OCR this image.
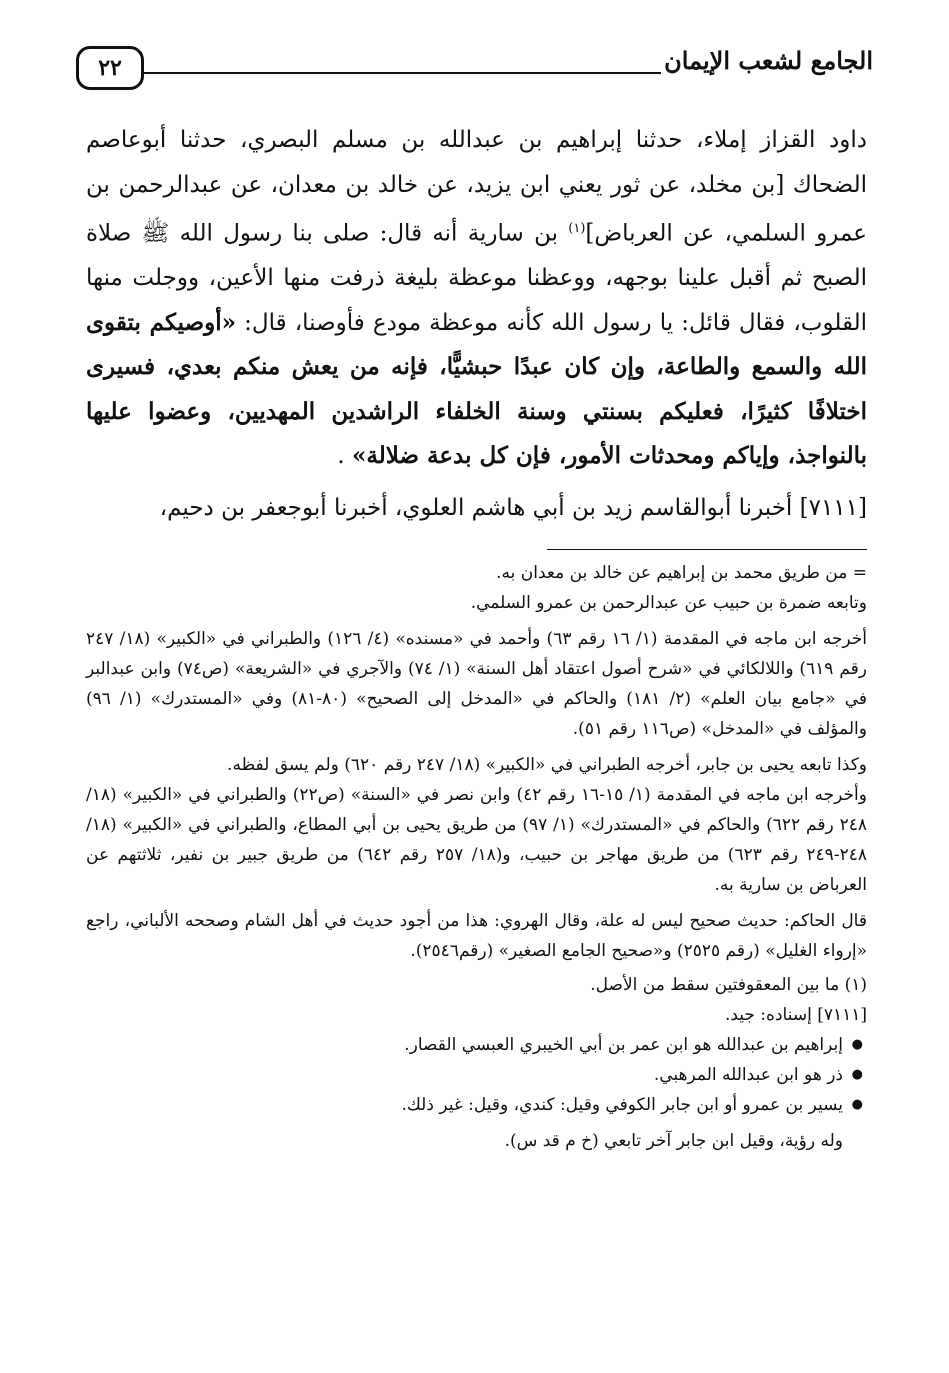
٢٢	الجامع لشعب الإيمان

داود القزاز إملاء، حدثنا إبراهيم بن عبدالله بن مسلم البصري، حدثنا أبوعاصم الضحاك [بن مخلد، عن ثور يعني ابن يزيد، عن خالد بن معدان، عن عبدالرحمن بن عمرو السلمي، عن العرباض]$^{(١)}$ بن سارية أنه قال: صلى بنا رسول الله ﷺ صلاة الصبح ثم أقبل علينا بوجهه، ووعظنا موعظة بليغة ذرفت منها الأعين، ووجلت منها القلوب، فقال قائل: يا رسول الله كأنه موعظة مودع فأوصنا، قال: «أوصيكم بتقوى الله والسمع والطاعة، وإن كان عبدًا حبشيًّا، فإنه من يعش منكم بعدي، فسيرى اختلافًا كثيرًا، فعليكم بسنتي وسنة الخلفاء الراشدين المهديين، وعضوا عليها بالنواجذ، وإياكم ومحدثات الأمور، فإن كل بدعة ضلالة» .

[٧١١١] أخبرنا أبوالقاسم زيد بن أبي هاشم العلوي، أخبرنا أبوجعفر بن دحيم،

= من طريق محمد بن إبراهيم عن خالد بن معدان به.

وتابعه ضمرة بن حبيب عن عبدالرحمن بن عمرو السلمي.

أخرجه ابن ماجه في المقدمة (١/ ١٦ رقم ٦٣) وأحمد في «مسنده» (٤/ ١٢٦) والطبراني في «الكبير» (١٨/ ٢٤٧ رقم ٦١٩) واللالكائي في «شرح أصول اعتقاد أهل السنة» (١/ ٧٤) والآجري في «الشريعة» (ص٧٤) وابن عبدالبر في «جامع بيان العلم» (٢/ ١٨١) والحاكم في «المدخل إلى الصحيح» (٨٠-٨١) وفي «المستدرك» (١/ ٩٦) والمؤلف في «المدخل» (ص١١٦ رقم ٥١).

وكذا تابعه يحيى بن جابر، أخرجه الطبراني في «الكبير» (١٨/ ٢٤٧ رقم ٦٢٠) ولم يسق لفظه.

وأخرجه ابن ماجه في المقدمة (١/ ١٥-١٦ رقم ٤٢) وابن نصر في «السنة» (ص٢٢) والطبراني في «الكبير» (١٨/ ٢٤٨ رقم ٦٢٢) والحاكم في «المستدرك» (١/ ٩٧) من طريق يحيى بن أبي المطاع، والطبراني في «الكبير» (١٨/ ٢٤٨-٢٤٩ رقم ٦٢٣) من طريق مهاجر بن حبيب، و(١٨/ ٢٥٧ رقم ٦٤٢) من طريق جبير بن نفير، ثلاثتهم عن العرباض بن سارية به.

قال الحاكم: حديث صحيح ليس له علة، وقال الهروي: هذا من أجود حديث في أهل الشام وصححه الألباني، راجع «إرواء الغليل» (رقم ٢٥٢٥) و«صحيح الجامع الصغير» (رقم٢٥٤٦).

(١) ما بين المعقوفتين سقط من الأصل.

[٧١١١] إسناده: جيد.

● إبراهيم بن عبدالله هو ابن عمر بن أبي الخيبري العبسي القصار.
● ذر هو ابن عبدالله المرهبي.
● يسير بن عمرو أو ابن جابر الكوفي وقيل: كندي، وقيل: غير ذلك.

وله رؤية، وقيل ابن جابر آخر تابعي (خ م قد س).
